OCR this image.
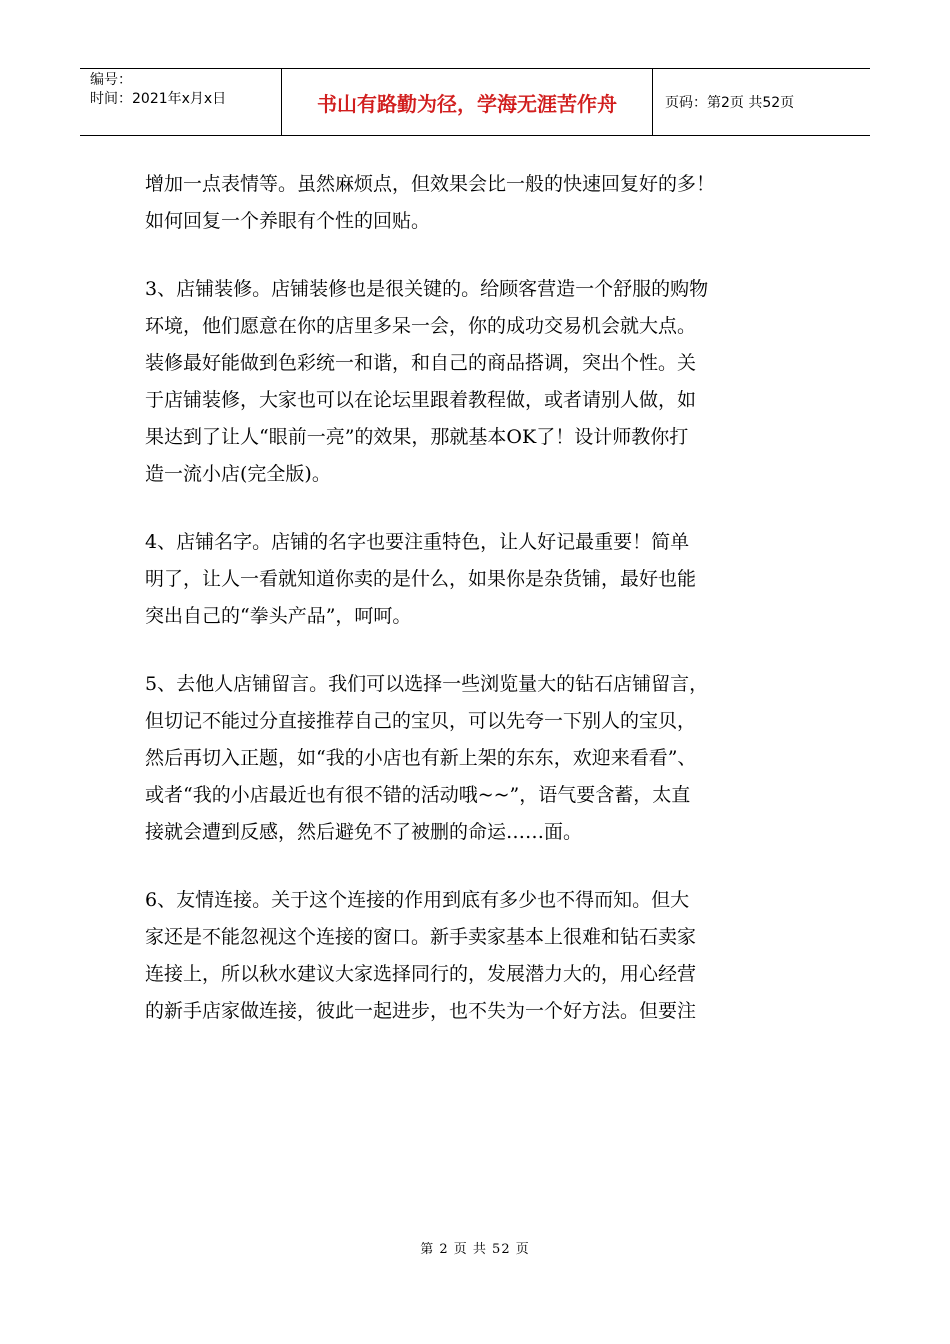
编号：
时间：2021年x月x日	书山有路勤为径，学海无涯苦作舟	页码：第2页 共52页

增加一点表情等。虽然麻烦点，但效果会比一般的快速回复好的多！
如何回复一个养眼有个性的回贴。

3、店铺装修。店铺装修也是很关键的。给顾客营造一个舒服的购物
环境，他们愿意在你的店里多呆一会，你的成功交易机会就大点。
装修最好能做到色彩统一和谐，和自己的商品搭调，突出个性。关
于店铺装修，大家也可以在论坛里跟着教程做，或者请别人做，如
果达到了让人“眼前一亮”的效果，那就基本OK了！设计师教你打
造一流小店(完全版)。

4、店铺名字。店铺的名字也要注重特色，让人好记最重要！简单
明了，让人一看就知道你卖的是什么，如果你是杂货铺，最好也能
突出自己的“拳头产品”，呵呵。

5、去他人店铺留言。我们可以选择一些浏览量大的钻石店铺留言，
但切记不能过分直接推荐自己的宝贝，可以先夸一下别人的宝贝，
然后再切入正题，如“我的小店也有新上架的东东，欢迎来看看”、
或者“我的小店最近也有很不错的活动哦~~”，语气要含蓄，太直
接就会遭到反感，然后避免不了被删的命运……面。

6、友情连接。关于这个连接的作用到底有多少也不得而知。但大
家还是不能忽视这个连接的窗口。新手卖家基本上很难和钻石卖家
连接上，所以秋水建议大家选择同行的，发展潜力大的，用心经营
的新手店家做连接，彼此一起进步，也不失为一个好方法。但要注

第 2 页 共 52 页
